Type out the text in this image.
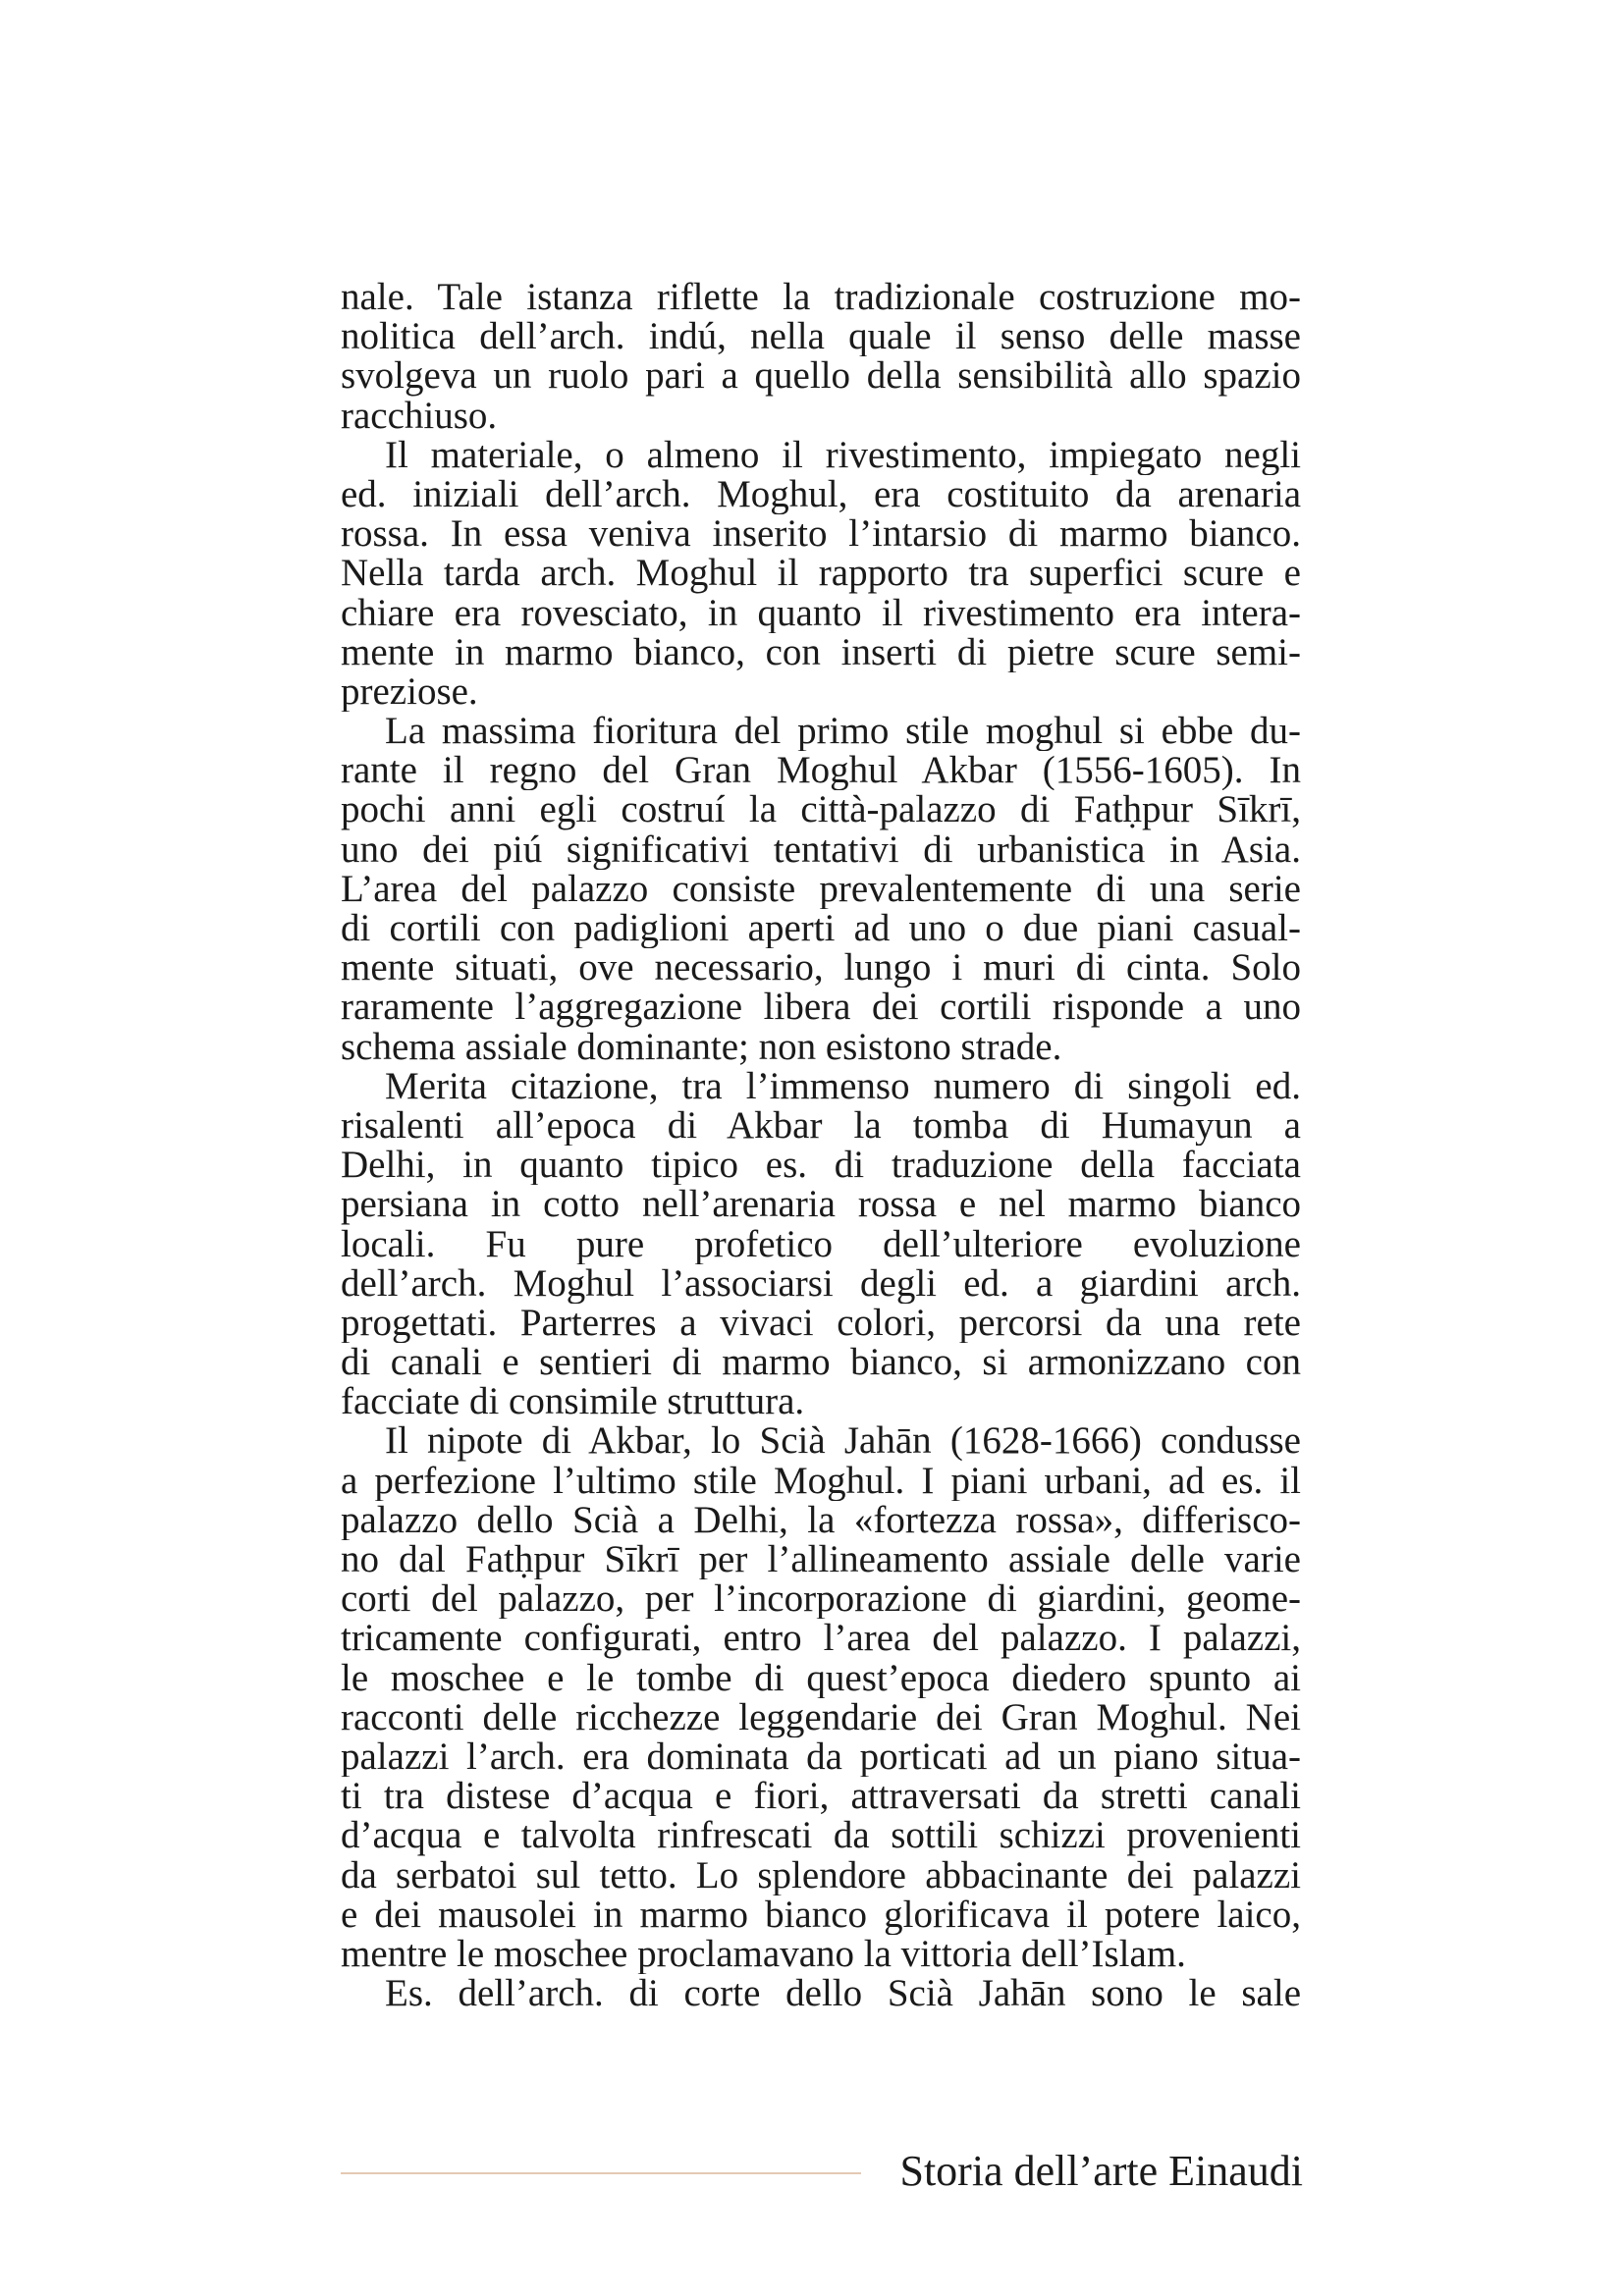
nale. Tale istanza riflette la tradizionale costruzione mo-
nolitica dell’arch. indú, nella quale il senso delle masse
svolgeva un ruolo pari a quello della sensibilità allo spazio
racchiuso.
Il materiale, o almeno il rivestimento, impiegato negli
ed. iniziali dell’arch. Moghul, era costituito da arenaria
rossa. In essa veniva inserito l’intarsio di marmo bianco.
Nella tarda arch. Moghul il rapporto tra superfici scure e
chiare era rovesciato, in quanto il rivestimento era intera-
mente in marmo bianco, con inserti di pietre scure semi-
preziose.
La massima fioritura del primo stile moghul si ebbe du-
rante il regno del Gran Moghul Akbar (1556-1605). In
pochi anni egli costruí la città-palazzo di Fatḥpur Sīkrī,
uno dei piú significativi tentativi di urbanistica in Asia.
L’area del palazzo consiste prevalentemente di una serie
di cortili con padiglioni aperti ad uno o due piani casual-
mente situati, ove necessario, lungo i muri di cinta. Solo
raramente l’aggregazione libera dei cortili risponde a uno
schema assiale dominante; non esistono strade.
Merita citazione, tra l’immenso numero di singoli ed.
risalenti all’epoca di Akbar la tomba di Humayun a
Delhi, in quanto tipico es. di traduzione della facciata
persiana in cotto nell’arenaria rossa e nel marmo bianco
locali. Fu pure profetico dell’ulteriore evoluzione
dell’arch. Moghul l’associarsi degli ed. a giardini arch.
progettati. Parterres a vivaci colori, percorsi da una rete
di canali e sentieri di marmo bianco, si armonizzano con
facciate di consimile struttura.
Il nipote di Akbar, lo Scià Jahān (1628-1666) condusse
a perfezione l’ultimo stile Moghul. I piani urbani, ad es. il
palazzo dello Scià a Delhi, la «fortezza rossa», differisco-
no dal Fatḥpur Sīkrī per l’allineamento assiale delle varie
corti del palazzo, per l’incorporazione di giardini, geome-
tricamente configurati, entro l’area del palazzo. I palazzi,
le moschee e le tombe di quest’epoca diedero spunto ai
racconti delle ricchezze leggendarie dei Gran Moghul. Nei
palazzi l’arch. era dominata da porticati ad un piano situa-
ti tra distese d’acqua e fiori, attraversati da stretti canali
d’acqua e talvolta rinfrescati da sottili schizzi provenienti
da serbatoi sul tetto. Lo splendore abbacinante dei palazzi
e dei mausolei in marmo bianco glorificava il potere laico,
mentre le moschee proclamavano la vittoria dell’Islam.
Es. dell’arch. di corte dello Scià Jahān sono le sale
Storia dell’arte Einaudi
